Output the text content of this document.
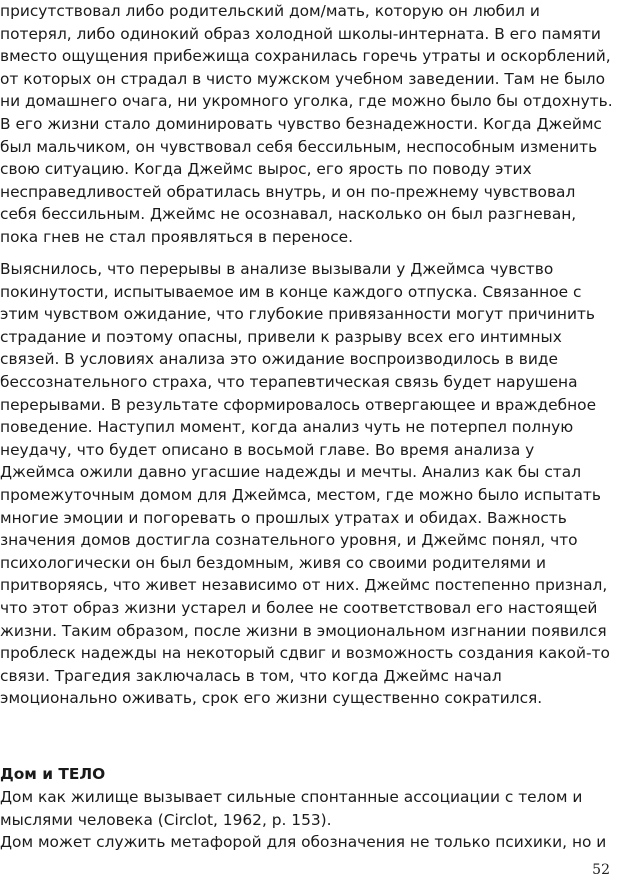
присутствовал либо родительский дом/мать, которую он любил и
потерял, либо одинокий образ холодной школы-интерната. В его памяти
вместо ощущения прибежища сохранилась горечь утраты и оскорблений,
от которых он страдал в чисто мужском учебном заведении. Там не было
ни домашнего очага, ни укромного уголка, где можно было бы отдохнуть.
В его жизни стало доминировать чувство безнадежности. Когда Джеймс
был мальчиком, он чувствовал себя бессильным, неспособным изменить
свою ситуацию. Когда Джеймс вырос, его ярость по поводу этих
несправедливостей обратилась внутрь, и он по-прежнему чувствовал
себя бессильным. Джеймс не осознавал, насколько он был разгневан,
пока гнев не стал проявляться в переносе.
Выяснилось, что перерывы в анализе вызывали у Джеймса чувство
покинутости, испытываемое им в конце каждого отпуска. Связанное с
этим чувством ожидание, что глубокие привязанности могут причинить
страдание и поэтому опасны, привели к разрыву всех его интимных
связей. В условиях анализа это ожидание воспроизводилось в виде
бессознательного страха, что терапевтическая связь будет нарушена
перерывами. В результате сформировалось отвергающее и враждебное
поведение. Наступил момент, когда анализ чуть не потерпел полную
неудачу, что будет описано в восьмой главе. Во время анализа у
Джеймса ожили давно угасшие надежды и мечты. Анализ как бы стал
промежуточным домом для Джеймса, местом, где можно было испытать
многие эмоции и погоревать о прошлых утратах и обидах. Важность
значения домов достигла сознательного уровня, и Джеймс понял, что
психологически он был бездомным, живя со своими родителями и
притворяясь, что живет независимо от них. Джеймс постепенно признал,
что этот образ жизни устарел и более не соответствовал его настоящей
жизни. Таким образом, после жизни в эмоциональном изгнании появился
проблеск надежды на некоторый сдвиг и возможность создания какой-то
связи. Трагедия заключалась в том, что когда Джеймс начал
эмоционально оживать, срок его жизни существенно сократился.
Дом и ТЕЛО
Дом как жилище вызывает сильные спонтанные ассоциации с телом и
мыслями человека (Circlot, 1962, p. 153).
Дом может служить метафорой для обозначения не только психики, но и
52
